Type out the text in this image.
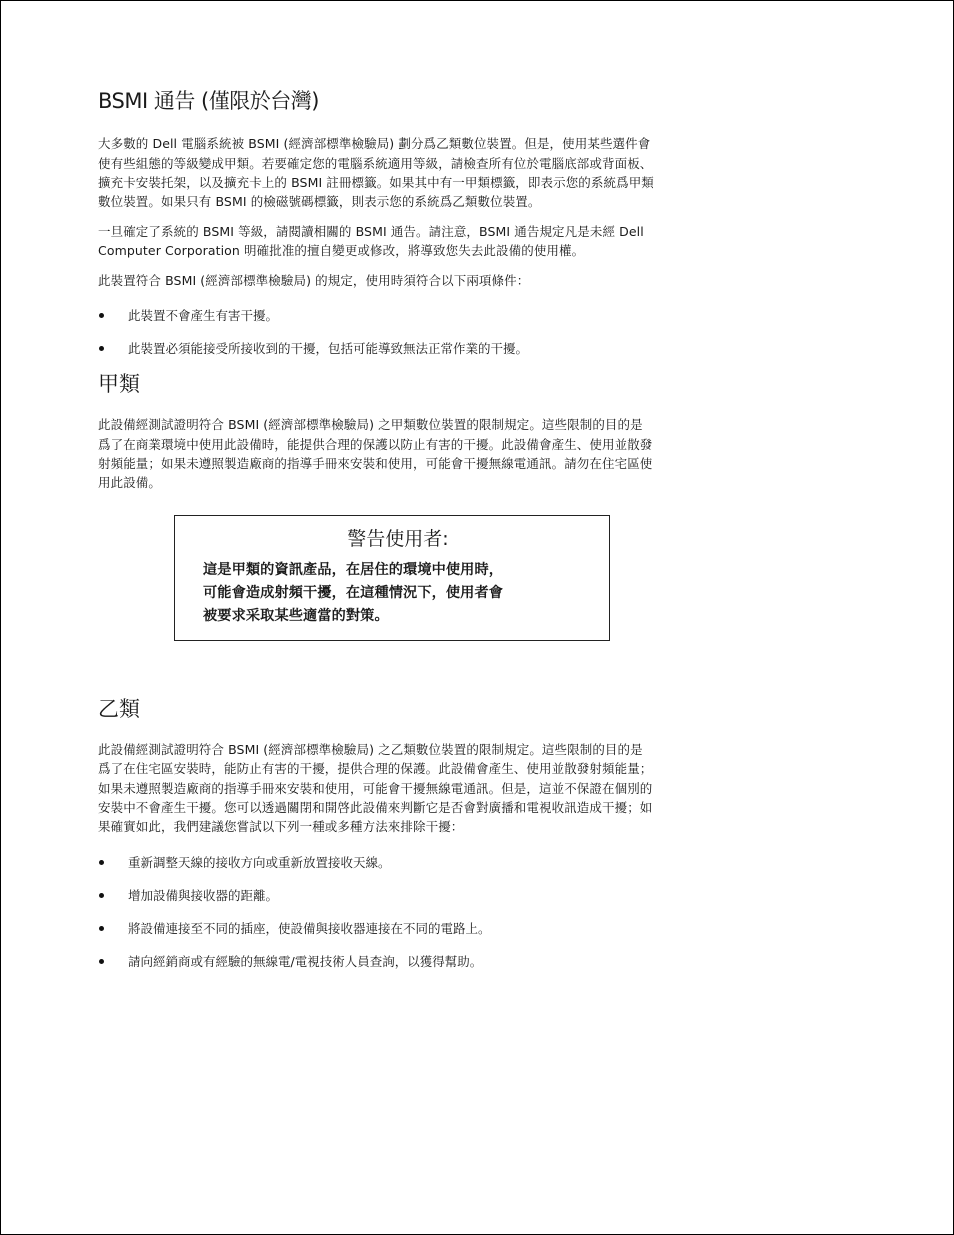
BSMI 通告 (僅限於台灣)

大多數的 Dell 電腦系統被 BSMI (經濟部標準檢驗局) 劃分爲乙類數位裝置。但是，使用某些選件會使有些組態的等級變成甲類。若要確定您的電腦系統適用等級，請檢查所有位於電腦底部或背面板、擴充卡安裝托架，以及擴充卡上的 BSMI 註冊標籤。如果其中有一甲類標籤，即表示您的系統爲甲類數位裝置。如果只有 BSMI 的檢磁號碼標籤，則表示您的系統爲乙類數位裝置。

一旦確定了系統的 BSMI 等級，請閱讀相關的 BSMI 通告。請注意，BSMI 通告規定凡是未經 Dell Computer Corporation 明確批准的擅自變更或修改，將導致您失去此設備的使用權。

此裝置符合 BSMI (經濟部標準檢驗局) 的規定，使用時須符合以下兩項條件：

此裝置不會產生有害干擾。
此裝置必須能接受所接收到的干擾，包括可能導致無法正常作業的干擾。
甲類

此設備經測試證明符合 BSMI (經濟部標準檢驗局) 之甲類數位裝置的限制規定。這些限制的目的是爲了在商業環境中使用此設備時，能提供合理的保護以防止有害的干擾。此設備會產生、使用並散發射頻能量；如果未遵照製造廠商的指導手冊來安裝和使用，可能會干擾無線電通訊。請勿在住宅區使用此設備。

警告使用者:

這是甲類的資訊產品，在居住的環境中使用時，
可能會造成射頻干擾，在這種情況下，使用者會
被要求采取某些適當的對策。

乙類

此設備經測試證明符合 BSMI (經濟部標準檢驗局) 之乙類數位裝置的限制規定。這些限制的目的是爲了在住宅區安裝時，能防止有害的干擾，提供合理的保護。此設備會產生、使用並散發射頻能量；如果未遵照製造廠商的指導手冊來安裝和使用，可能會干擾無線電通訊。但是，這並不保證在個別的安裝中不會產生干擾。您可以透過關閉和開啓此設備來判斷它是否會對廣播和電視收訊造成干擾；如果確實如此，我們建議您嘗試以下列一種或多種方法來排除干擾：

重新調整天線的接收方向或重新放置接收天線。
增加設備與接收器的距離。
將設備連接至不同的插座，使設備與接收器連接在不同的電路上。
請向經銷商或有經驗的無線電/電視技術人員查詢，以獲得幫助。
